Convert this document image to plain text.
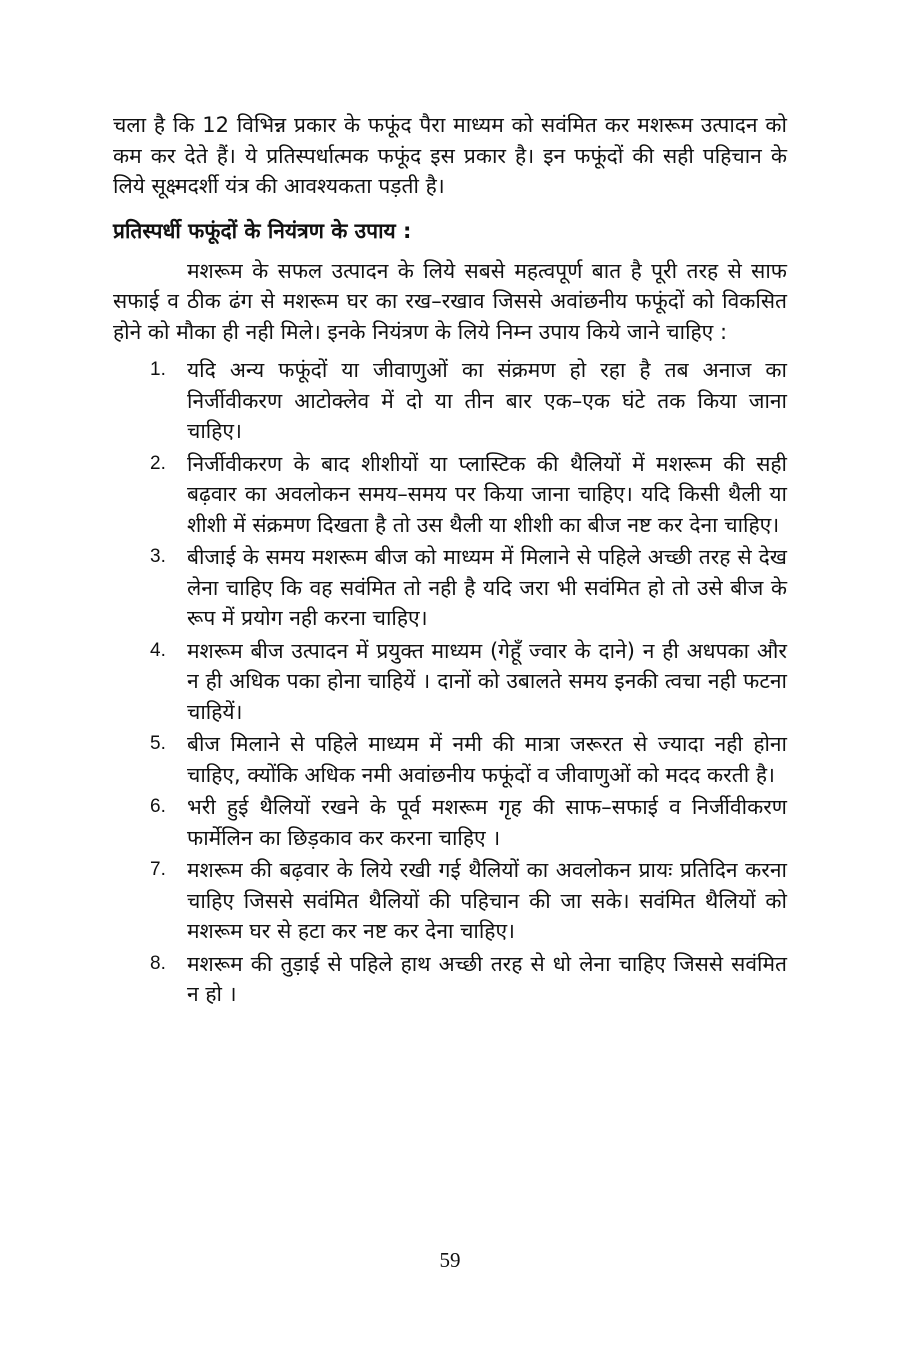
चला है कि 12 विभिन्न प्रकार के फफूंद पैरा माध्यम को सवंमित कर मशरूम उत्पादन को कम कर देते हैं। ये प्रतिस्पर्धात्मक फफूंद इस प्रकार है। इन फफूंदों की सही पहिचान के लिये सूक्ष्मदर्शी यंत्र की आवश्यकता पड़ती है।

प्रतिस्पर्धी फफूंदों के नियंत्रण के उपाय :

मशरूम के सफल उत्पादन के लिये सबसे महत्वपूर्ण बात है पूरी तरह से साफ सफाई व ठीक ढंग से मशरूम घर का रख–रखाव जिससे अवांछनीय फफूंदों को विकसित होने को मौका ही नही मिले। इनके नियंत्रण के लिये निम्न उपाय किये जाने चाहिए :

1. यदि अन्य फफूंदों या जीवाणुओं का संक्रमण हो रहा है तब अनाज का निर्जीवीकरण आटोक्लेव में दो या तीन बार एक–एक घंटे तक किया जाना चाहिए।
2. निर्जीवीकरण के बाद शीशीयों या प्लास्टिक की थैलियों में मशरूम की सही बढ़वार का अवलोकन समय–समय पर किया जाना चाहिए। यदि किसी थैली या शीशी में संक्रमण दिखता है तो उस थैली या शीशी का बीज नष्ट कर देना चाहिए।
3. बीजाई के समय मशरूम बीज को माध्यम में मिलाने से पहिले अच्छी तरह से देख लेना चाहिए कि वह सवंमित तो नही है यदि जरा भी सवंमित हो तो उसे बीज के रूप में प्रयोग नही करना चाहिए।
4. मशरूम बीज उत्पादन में प्रयुक्त माध्यम (गेहूँ ज्वार के दाने) न ही अधपका और न ही अधिक पका होना चाहियें । दानों को उबालते समय इनकी त्वचा नही फटना चाहियें।
5. बीज मिलाने से पहिले माध्यम में नमी की मात्रा जरूरत से ज्यादा नही होना चाहिए, क्योंकि अधिक नमी अवांछनीय फफूंदों व जीवाणुओं को मदद करती है।
6. भरी हुई थैलियों रखने के पूर्व मशरूम गृह की साफ–सफाई व निर्जीवीकरण फार्मेलिन का छिड़काव कर करना चाहिए ।
7. मशरूम की बढ़वार के लिये रखी गई थैलियों का अवलोकन प्रायः प्रतिदिन करना चाहिए जिससे सवंमित थैलियों की पहिचान की जा सके। सवंमित थैलियों को मशरूम घर से हटा कर नष्ट कर देना चाहिए।
8. मशरूम की तुड़ाई से पहिले हाथ अच्छी तरह से धो लेना चाहिए जिससे सवंमित न हो ।
59
